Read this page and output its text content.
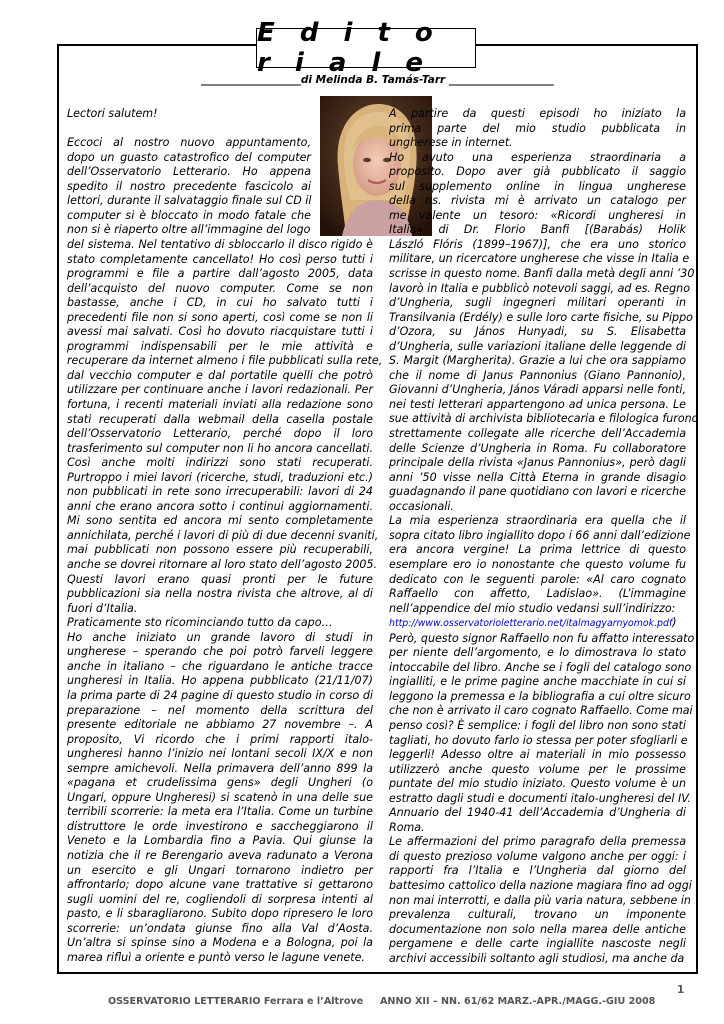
E d i t o r i a l e
___________________di Melinda B. Tamás-Tarr ____________________
Lectori salutem!

Eccoci al nostro nuovo appuntamento,
dopo un guasto catastrofico del computer
dell’Osservatorio Letterario. Ho appena
spedito il nostro precedente fascicolo ai
lettori, durante il salvataggio finale sul CD il
computer si è bloccato in modo fatale che
non si è riaperto oltre all’immagine del logo
del sistema. Nel tentativo di sbloccarlo il disco rigido è
stato completamente cancellato! Ho così perso tutti i
programmi e file a partire dall’agosto 2005, data
dell’acquisto del nuovo computer. Come se non
bastasse, anche i CD, in cui ho salvato tutti i
precedenti file non si sono aperti, così come se non li
avessi mai salvati. Così ho dovuto riacquistare tutti i
programmi indispensabili per le mie attività e
recuperare da internet almeno i file pubblicati sulla rete,
dal vecchio computer e dal portatile quelli che potrò
utilizzare per continuare anche i lavori redazionali. Per
fortuna, i recenti materiali inviati alla redazione sono
stati recuperati dalla webmail della casella postale
dell’Osservatorio Letterario, perché dopo il loro
trasferimento sul computer non li ho ancora cancellati.
Così anche molti indirizzi sono stati recuperati.
Purtroppo i miei lavori (ricerche, studi, traduzioni etc.)
non pubblicati in rete sono irrecuperabili: lavori di 24
anni che erano ancora sotto i continui aggiornamenti.
Mi sono sentita ed ancora mi sento completamente
annichilata, perché i lavori di più di due decenni svaniti,
mai pubblicati non possono essere più recuperabili,
anche se dovrei ritornare al loro stato dell’agosto 2005.
Questi lavori erano quasi pronti per le future
pubblicazioni sia nella nostra rivista che altrove, al di
fuori d’Italia.
Praticamente sto ricominciando tutto da capo…
Ho anche iniziato un grande lavoro di studi in
ungherese – sperando che poi potrò farveli leggere
anche in italiano – che riguardano le antiche tracce
ungheresi in Italia. Ho appena pubblicato (21/11/07)
la prima parte di 24 pagine di questo studio in corso di
preparazione – nel momento della scrittura del
presente editoriale ne abbiamo 27 novembre –. A
proposito, Vi ricordo che i primi rapporti italo-
ungheresi hanno l’inizio nei lontani secoli IX/X e non
sempre amichevoli. Nella primavera dell’anno 899 la
«pagana et crudelissima gens» degli Ungheri (o
Ungari, oppure Ungheresi) si scatenò in una delle sue
terribili scorrerie: la meta era l’Italia. Come un turbine
distruttore le orde investirono e saccheggiarono il
Veneto e la Lombardia fino a Pavia. Qui giunse la
notizia che il re Berengario aveva radunato a Verona
un esercito e gli Ungari tornarono indietro per
affrontarlo; dopo alcune vane trattative si gettarono
sugli uomini del re, cogliendoli di sorpresa intenti al
pasto, e li sbaragliarono. Subito dopo ripresero le loro
scorrerie: un’ondata giunse fino alla Val d’Aosta.
Un’altra si spinse sino a Modena e a Bologna, poi la
marea rifluì a oriente e puntò verso le lagune venete.
A partire da questi episodi ho iniziato la
prima parte del mio studio pubblicata in
ungherese in internet.
Ho avuto una esperienza straordinaria a
proposito. Dopo aver già pubblicato il saggio
sul supplemento online in lingua ungherese
della ns. rivista mi è arrivato un catalogo per
me valente un tesoro: «Ricordi ungheresi in
Italia» di Dr. Florio Banfi [(Barabás) Holik
László Flóris (1899–1967)], che era uno storico
militare, un ricercatore ungherese che visse in Italia e
scrisse in questo nome. Banfi dalla metà degli anni ’30
lavorò in Italia e pubblicò notevoli saggi, ad es. Regno
d’Ungheria, sugli ingegneri militari operanti in
Transilvania (Erdély) e sulle loro carte fisiche, su Pippo
d’Ozora, su János Hunyadi, su S. Elisabetta
d’Ungheria, sulle variazioni italiane delle leggende di
S. Margit (Margherita). Grazie a lui che ora sappiamo
che il nome di Janus Pannonius (Giano Pannonio),
Giovanni d’Ungheria, János Váradi apparsi nelle fonti,
nei testi letterari appartengono ad unica persona. Le
sue attività di archivista bibliotecaria e filologica furono
strettamente collegate alle ricerche dell’Accademia
delle Scienze d’Ungheria in Roma. Fu collaboratore
principale della rivista «Janus Pannonius», però dagli
anni ’50 visse nella Città Eterna in grande disagio
guadagnando il pane quotidiano con lavori e ricerche
occasionali.
La mia esperienza straordinaria era quella che il
sopra citato libro ingiallito dopo i 66 anni dall’edizione
era ancora vergine! La prima lettrice di questo
esemplare ero io nonostante che questo volume fu
dedicato con le seguenti parole: «Al caro cognato
Raffaello con affetto, Ladislao». (L’immagine
nell’appendice del mio studio vedansi sull’indirizzo:
http://www.osservatorioletterario.net/italmagyarnyomok.pdf)
Però, questo signor Raffaello non fu affatto interessato
per niente dell’argomento, e lo dimostrava lo stato
intoccabile del libro. Anche se i fogli del catalogo sono
ingialliti, e le prime pagine anche macchiate in cui si
leggono la premessa e la bibliografia a cui oltre sicuro
che non è arrivato il caro cognato Raffaello. Come mai
penso così? È semplice: i fogli del libro non sono stati
tagliati, ho dovuto farlo io stessa per poter sfogliarli e
leggerli! Adesso oltre ai materiali in mio possesso
utilizzerò anche questo volume per le prossime
puntate del mio studio iniziato. Questo volume è un
estratto dagli studi e documenti italo-ungheresi del IV.
Annuario del 1940-41 dell’Accademia d’Ungheria di
Roma.
Le affermazioni del primo paragrafo della premessa
di questo prezioso volume valgono anche per oggi: i
rapporti fra l’Italia e l’Ungheria dal giorno del
battesimo cattolico della nazione magiara fino ad oggi
non mai interrotti, e dalla più varia natura, sebbene in
prevalenza culturali, trovano un imponente
documentazione non solo nella marea delle antiche
pergamene e delle carte ingiallite nascoste negli
archivi accessibili soltanto agli studiosi, ma anche da
OSSERVATORIO LETTERARIO Ferrara e l’Altrove ANNO XII – NN. 61/62 MARZ.-APR./MAGG.-GIU 2008
1
